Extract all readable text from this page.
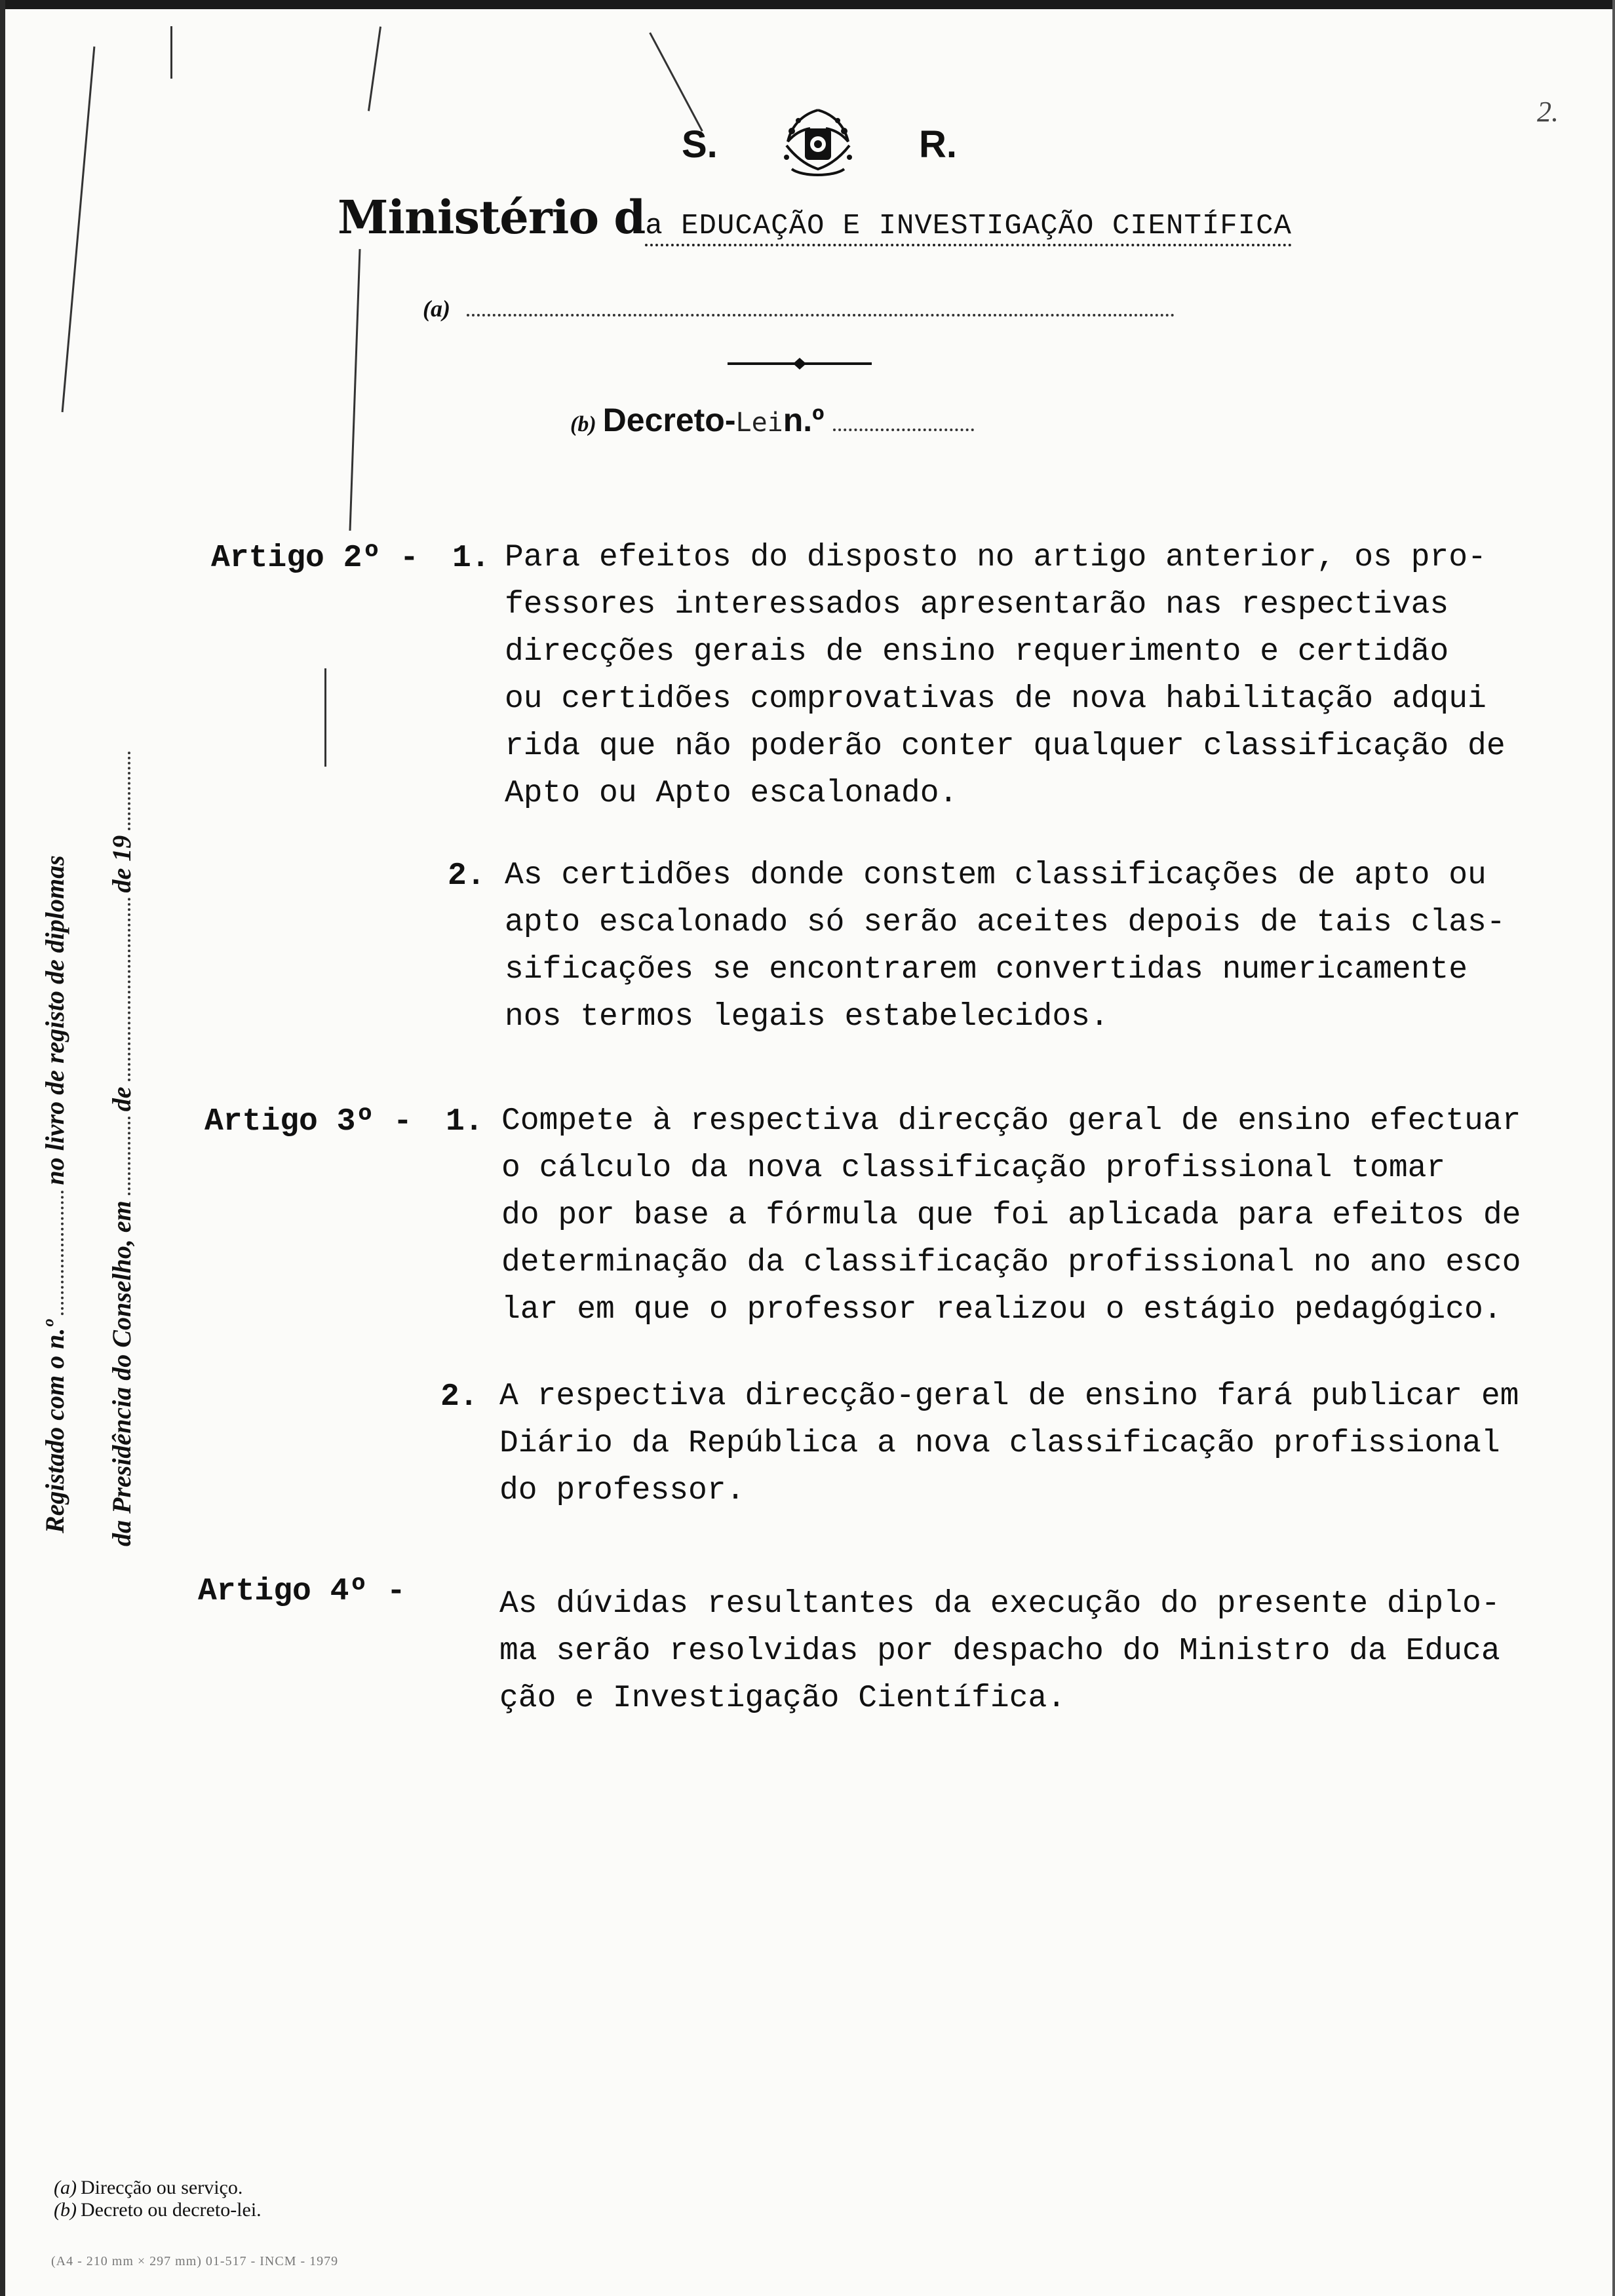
S.	R.
2.
Ministério da EDUCAÇÃO E INVESTIGAÇÃO CIENTÍFICA
(a)
(b) Decreto-Lein.º
Registado com o n.ºno livro de registo de diplomas
da Presidência do Conselho, emdede 19
Artigo 2º - 1. Para efeitos do disposto no artigo anterior, os pro-
fessores interessados apresentarão nas respectivas
direcções gerais de ensino requerimento e certidão
ou certidões comprovativas de nova habilitação adqui
rida que não poderão conter qualquer classificação de
Apto ou Apto escalonado.
2. As certidões donde constem classificações de apto ou
apto escalonado só serão aceites depois de tais clas-
sificações se encontrarem convertidas numericamente
nos termos legais estabelecidos.
Artigo 3º - 1. Compete à respectiva direcção geral de ensino efectuar
o cálculo da nova classificação profissional tomar
do por base a fórmula que foi aplicada para efeitos de
determinação da classificação profissional no ano esco
lar em que o professor realizou o estágio pedagógico.
2. A respectiva direcção-geral de ensino fará publicar em
Diário da República a nova classificação profissional
do professor.
Artigo 4º -	As dúvidas resultantes da execução do presente diplo-
ma serão resolvidas por despacho do Ministro da Educa
ção e Investigação Científica.
(a) Direcção ou serviço.
(b) Decreto ou decreto-lei.
(A4 - 210 mm × 297 mm) 01-517 - INCM - 1979
